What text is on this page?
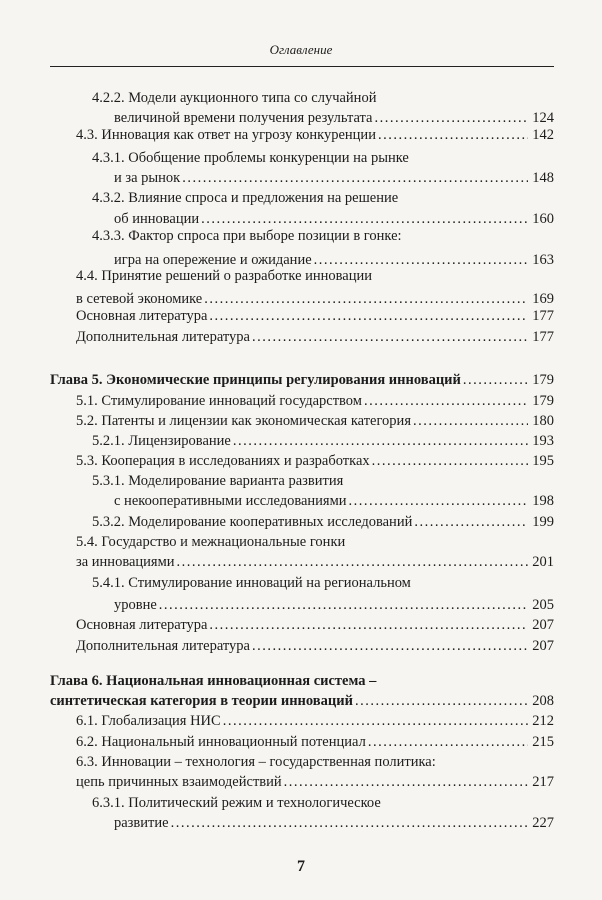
Оглавление
4.2.2. Модели аукционного типа со случайной
величиной времени получения результата .....	124
4.3. Инновация как ответ на угрозу конкуренции .....	142
4.3.1. Обобщение проблемы конкуренции на рынке
и за рынок .....	148
4.3.2. Влияние спроса и предложения на решение
об инновации .....	160
4.3.3. Фактор спроса при выборе позиции в гонке:
игра на опережение и ожидание .....	163
4.4. Принятие решений о разработке инновации
в сетевой экономике .....	169
Основная литература .....	177
Дополнительная литература .....	177
Глава 5. Экономические принципы регулирования инноваций .....	179
5.1. Стимулирование инноваций государством .....	179
5.2. Патенты и лицензии как экономическая категория .....	180
5.2.1. Лицензирование .....	193
5.3. Кооперация в исследованиях и разработках .....	195
5.3.1. Моделирование варианта развития
с некооперативными исследованиями .....	198
5.3.2. Моделирование кооперативных исследований .....	199
5.4. Государство и межнациональные гонки
за инновациями .....	201
5.4.1. Стимулирование инноваций на региональном
уровне .....	205
Основная литература .....	207
Дополнительная литература .....	207
Глава 6. Национальная инновационная система –
синтетическая категория в теории инноваций .....	208
6.1. Глобализация НИС .....	212
6.2. Национальный инновационный потенциал .....	215
6.3. Инновации – технология – государственная политика:
цепь причинных взаимодействий .....	217
6.3.1. Политический режим и технологическое
развитие .....	227
7
